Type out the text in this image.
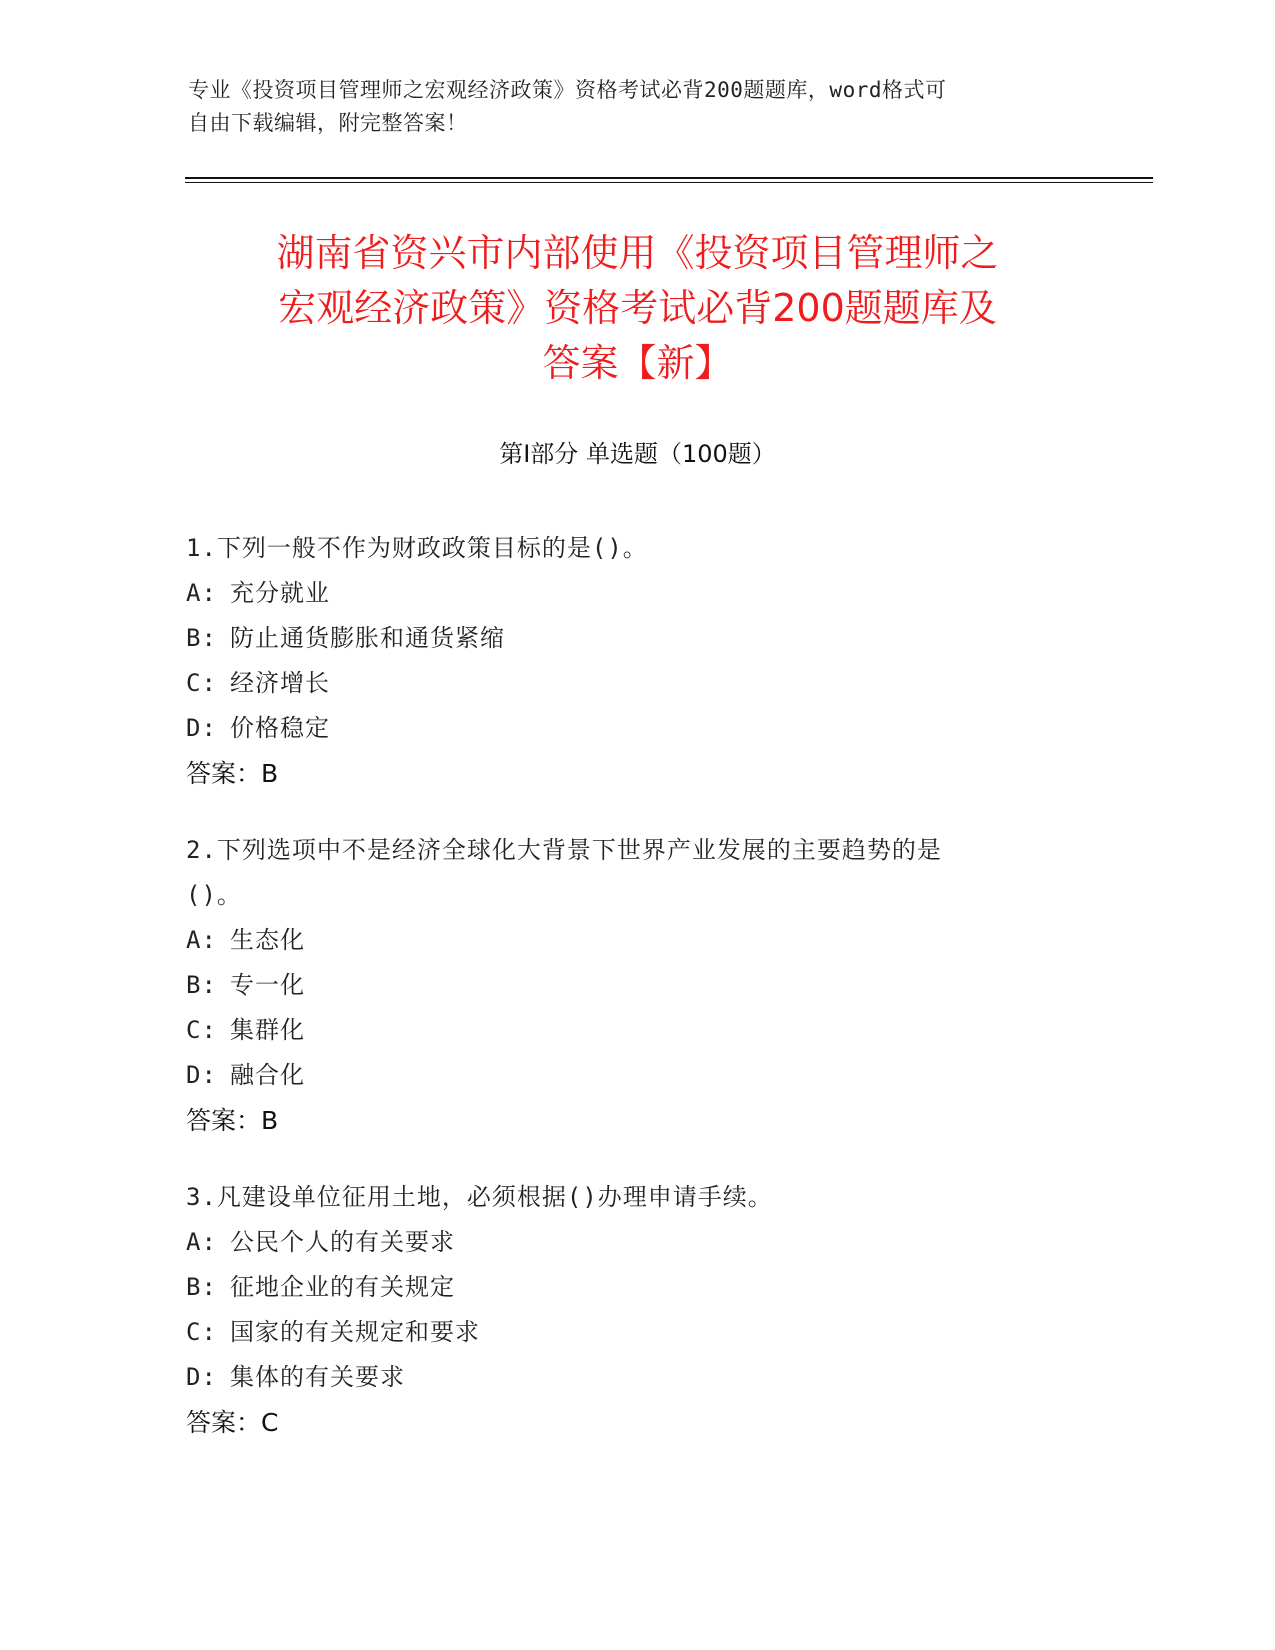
专业《投资项目管理师之宏观经济政策》资格考试必背200题题库，word格式可
自由下载编辑，附完整答案！
湖南省资兴市内部使用《投资项目管理师之
宏观经济政策》资格考试必背200题题库及
答案【新】
第Ⅰ部分 单选题（100题）
1.下列一般不作为财政政策目标的是()。
A: 充分就业
B: 防止通货膨胀和通货紧缩
C: 经济增长
D: 价格稳定
答案：B
2.下列选项中不是经济全球化大背景下世界产业发展的主要趋势的是
()。
A: 生态化
B: 专一化
C: 集群化
D: 融合化
答案：B
3.凡建设单位征用土地，必须根据()办理申请手续。
A: 公民个人的有关要求
B: 征地企业的有关规定
C: 国家的有关规定和要求
D: 集体的有关要求
答案：C
